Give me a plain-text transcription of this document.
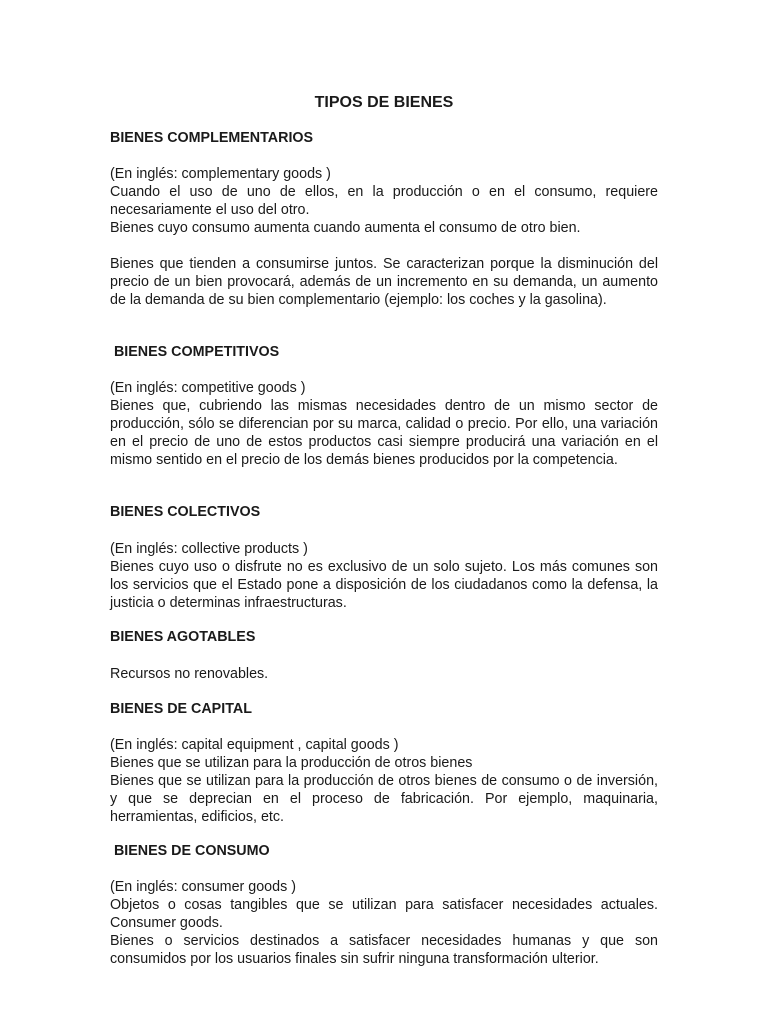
TIPOS DE BIENES
BIENES COMPLEMENTARIOS

(En inglés: complementary goods )
Cuando el uso de uno de ellos, en la producción o en el consumo, requiere necesariamente el uso del otro.
Bienes cuyo consumo aumenta cuando aumenta el consumo de otro bien.

Bienes que tienden a consumirse juntos. Se caracterizan porque la disminución del precio de un bien provocará, además de un incremento en su demanda, un aumento de la demanda de su bien complementario (ejemplo: los coches y la gasolina).

BIENES COMPETITIVOS

(En inglés: competitive goods )
Bienes que, cubriendo las mismas necesidades dentro de un mismo sector de producción, sólo se diferencian por su marca, calidad o precio. Por ello, una variación en el precio de uno de estos productos casi siempre producirá una variación en el mismo sentido en el precio de los demás bienes producidos por la competencia.

BIENES COLECTIVOS

(En inglés: collective products )
Bienes cuyo uso o disfrute no es exclusivo de un solo sujeto. Los más comunes son los servicios que el Estado pone a disposición de los ciudadanos como la defensa, la justicia o determinas infraestructuras.

BIENES AGOTABLES

Recursos no renovables.

BIENES DE CAPITAL

(En inglés: capital equipment , capital goods )
Bienes que se utilizan para la producción de otros bienes
Bienes que se utilizan para la producción de otros bienes de consumo o de inversión, y que se deprecian en el proceso de fabricación. Por ejemplo, maquinaria, herramientas, edificios, etc.

BIENES DE CONSUMO

(En inglés: consumer goods )
Objetos o cosas tangibles que se utilizan para satisfacer necesidades actuales. Consumer goods.
Bienes o servicios destinados a satisfacer necesidades humanas y que son consumidos por los usuarios finales sin sufrir ninguna transformación ulterior.
